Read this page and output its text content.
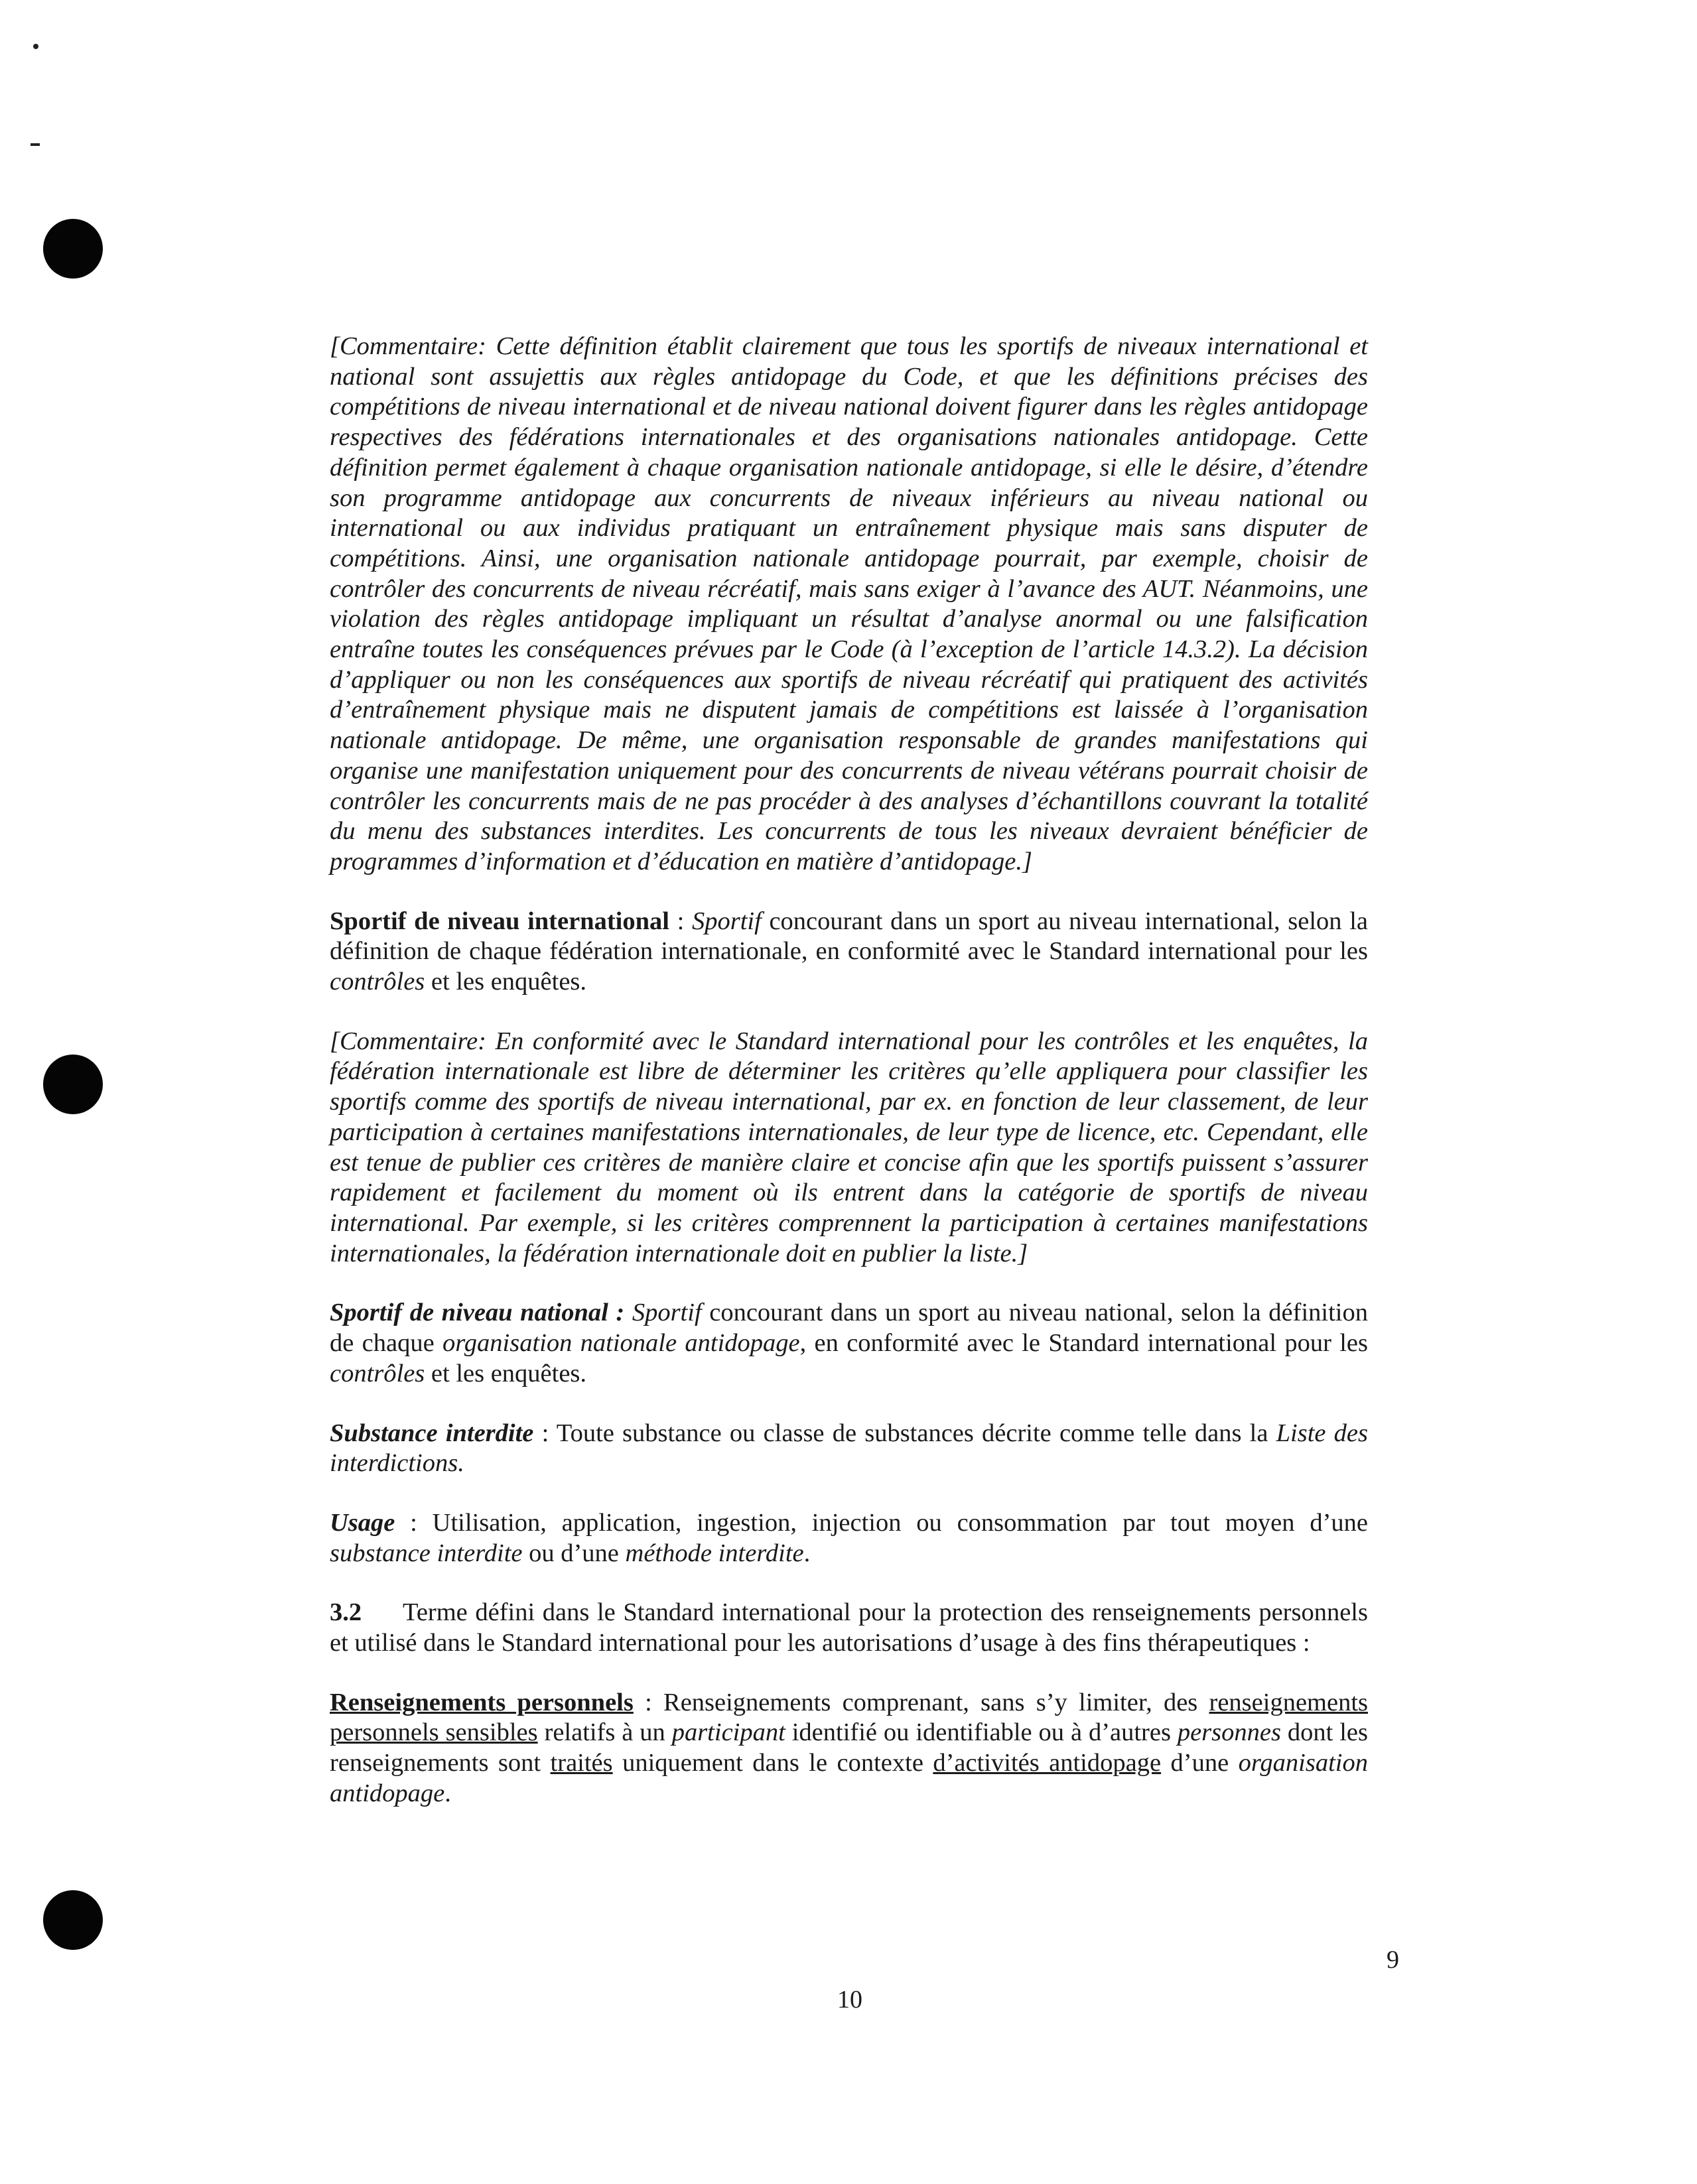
[Commentaire: Cette définition établit clairement que tous les sportifs de niveaux international et national sont assujettis aux règles antidopage du Code, et que les définitions précises des compétitions de niveau international et de niveau national doivent figurer dans les règles antidopage respectives des fédérations internationales et des organisations nationales antidopage. Cette définition permet également à chaque organisation nationale antidopage, si elle le désire, d’étendre son programme antidopage aux concurrents de niveaux inférieurs au niveau national ou international ou aux individus pratiquant un entraînement physique mais sans disputer de compétitions. Ainsi, une organisation nationale antidopage pourrait, par exemple, choisir de contrôler des concurrents de niveau récréatif, mais sans exiger à l’avance des AUT. Néanmoins, une violation des règles antidopage impliquant un résultat d’analyse anormal ou une falsification entraîne toutes les conséquences prévues par le Code (à l’exception de l’article 14.3.2). La décision d’appliquer ou non les conséquences aux sportifs de niveau récréatif qui pratiquent des activités d’entraînement physique mais ne disputent jamais de compétitions est laissée à l’organisation nationale antidopage. De même, une organisation responsable de grandes manifestations qui organise une manifestation uniquement pour des concurrents de niveau vétérans pourrait choisir de contrôler les concurrents mais de ne pas procéder à des analyses d’échantillons couvrant la totalité du menu des substances interdites. Les concurrents de tous les niveaux devraient bénéficier de programmes d’information et d’éducation en matière d’antidopage.]

Sportif de niveau international : Sportif concourant dans un sport au niveau international, selon la définition de chaque fédération internationale, en conformité avec le Standard international pour les contrôles et les enquêtes.

[Commentaire: En conformité avec le Standard international pour les contrôles et les enquêtes, la fédération internationale est libre de déterminer les critères qu’elle appliquera pour classifier les sportifs comme des sportifs de niveau international, par ex. en fonction de leur classement, de leur participation à certaines manifestations internationales, de leur type de licence, etc. Cependant, elle est tenue de publier ces critères de manière claire et concise afin que les sportifs puissent s’assurer rapidement et facilement du moment où ils entrent dans la catégorie de sportifs de niveau international. Par exemple, si les critères comprennent la participation à certaines manifestations internationales, la fédération internationale doit en publier la liste.]

Sportif de niveau national : Sportif concourant dans un sport au niveau national, selon la définition de chaque organisation nationale antidopage, en conformité avec le Standard international pour les contrôles et les enquêtes.

Substance interdite : Toute substance ou classe de substances décrite comme telle dans la Liste des interdictions.

Usage : Utilisation, application, ingestion, injection ou consommation par tout moyen d’une substance interdite ou d’une méthode interdite.

3.2 Terme défini dans le Standard international pour la protection des renseignements personnels et utilisé dans le Standard international pour les autorisations d’usage à des fins thérapeutiques :

Renseignements personnels : Renseignements comprenant, sans s’y limiter, des renseignements personnels sensibles relatifs à un participant identifié ou identifiable ou à d’autres personnes dont les renseignements sont traités uniquement dans le contexte d’activités antidopage d’une organisation antidopage.

9
10
